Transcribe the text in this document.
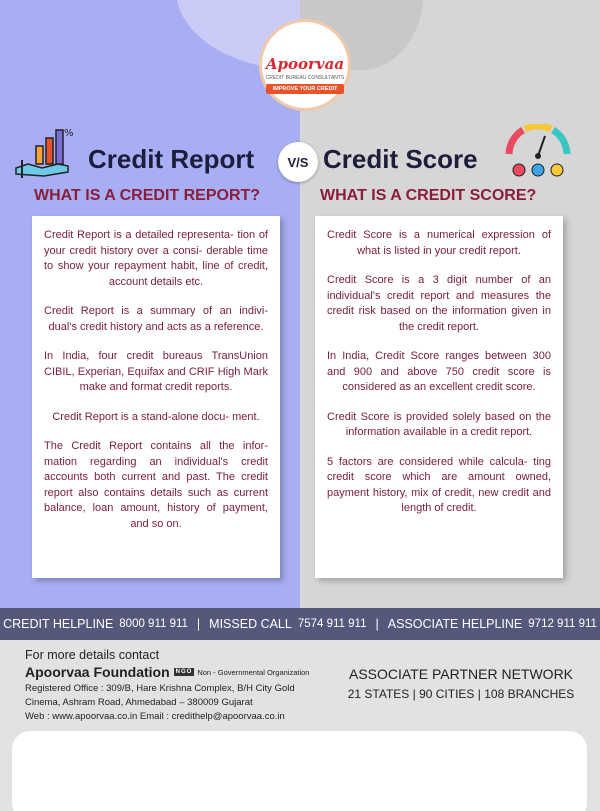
Apoorvaa
CREDIT BUREAU CONSULTANTS
IMPROVE YOUR CREDIT
%
Credit Report	V/S Credit Score
WHAT IS A CREDIT REPORT?	WHAT IS A CREDIT SCORE?

Credit Report is a detailed representa- tion of your credit history over a consi- derable time to show your repayment habit, line of credit, account details etc.

Credit Report is a summary of an indivi- dual's credit history and acts as a reference.

In India, four credit bureaus TransUnion CIBIL, Experian, Equifax and CRIF High Mark make and format credit reports.

Credit Report is a stand-alone docu- ment.

The Credit Report contains all the infor- mation regarding an individual's credit accounts both current and past. The credit report also contains details such as current balance, loan amount, history of payment, and so on.

Credit Score is a numerical expression of what is listed in your credit report.

Credit Score is a 3 digit number of an individual's credit report and measures the credit risk based on the information given in the credit report.

In India, Credit Score ranges between 300 and 900 and above 750 credit score is considered as an excellent credit score.

Credit Score is provided solely based on the information available in a credit report.

5 factors are considered while calcula- ting credit score which are amount owned, payment history, mix of credit, new credit and length of credit.

CREDIT HELPLINE 8000 911 911 | MISSED CALL 7574 911 911 | ASSOCIATE HELPLINE 9712 911 911
For more details contact
Apoorvaa Foundation	NGO Non - Governmental Organization
Registered Office : 309/B, Hare Krishna Complex, B/H City Gold
Cinema, Ashram Road, Ahmedabad – 380009 Gujarat
Web : www.apoorvaa.co.in Email : credithelp@apoorvaa.co.in
ASSOCIATE PARTNER NETWORK
21 STATES | 90 CITIES | 108 BRANCHES
